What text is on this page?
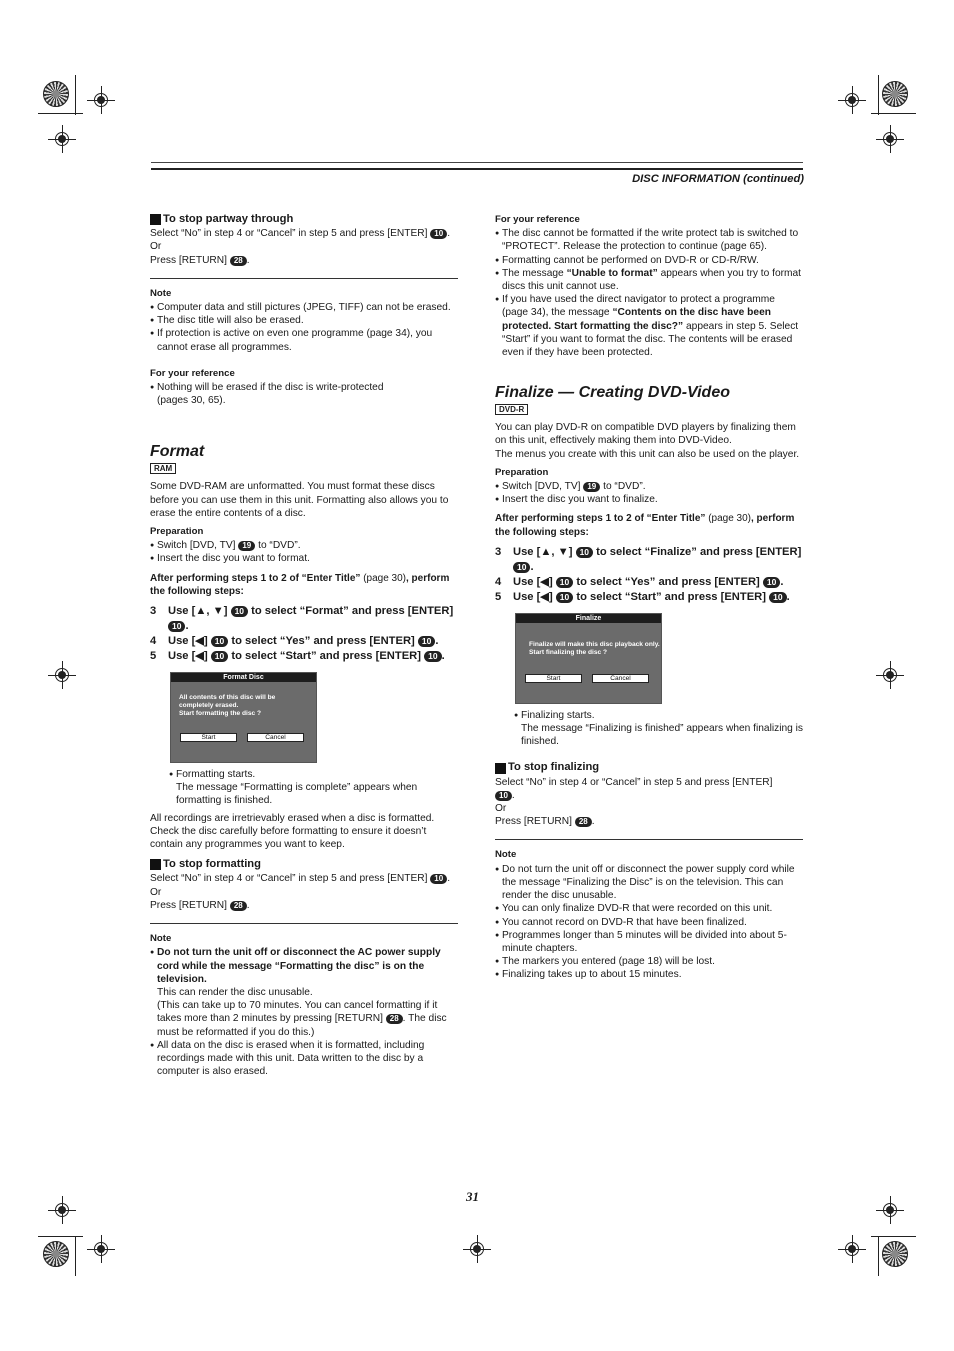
DISC INFORMATION (continued)
To stop partway through

Select “No” in step 4 or “Cancel” in step 5 and press [ENTER] 10 .

Or

Press [RETURN] 28 .

Note

● Computer data and still pictures (JPEG, TIFF) can not be erased.

● The disc title will also be erased.

● If protection is active on even one programme (page 34), you cannot erase all programmes.

For your reference

● Nothing will be erased if the disc is write-protected

(pages 30, 65).

Format
RAM

Some DVD-RAM are unformatted. You must format these discs before you can use them in this unit. Formatting also allows you to erase the entire contents of a disc.

Preparation

● Switch [DVD, TV] 19 to “DVD”.

● Insert the disc you want to format.

After performing steps 1 to 2 of “Enter Title” (page 30), perform the following steps:

3	Use [▲, ▼] 10 to select “Format” and press [ENTER] 10 .
4	Use [◀] 10 to select “Yes” and press [ENTER] 10 .
5	Use [◀] 10 to select “Start” and press [ENTER] 10 .
Format Disc
All contents of this disc will be
completely erased.
Start formatting the disc ?
Start	Cancel

● Formatting starts.

The message “Formatting is complete” appears when formatting is finished.

All recordings are irretrievably erased when a disc is formatted. Check the disc carefully before formatting to ensure it doesn’t contain any programmes you want to keep.

To stop formatting

Select “No” in step 4 or “Cancel” in step 5 and press [ENTER] 10 .

Or

Press [RETURN] 28 .

Note

● Do not turn the unit off or disconnect the AC power supply cord while the message “Formatting the disc” is on the television.

This can render the disc unusable.

(This can take up to 70 minutes. You can cancel formatting if it takes more than 2 minutes by pressing [RETURN] 28 . The disc must be reformatted if you do this.)

● All data on the disc is erased when it is formatted, including recordings made with this unit. Data written to the disc by a computer is also erased.

For your reference

● The disc cannot be formatted if the write protect tab is switched to “PROTECT”. Release the protection to continue (page 65).

● Formatting cannot be performed on DVD-R or CD-R/RW.

● The message “Unable to format” appears when you try to format discs this unit cannot use.

● If you have used the direct navigator to protect a programme (page 34), the message “Contents on the disc have been protected. Start formatting the disc?” appears in step 5. Select “Start” if you want to format the disc. The contents will be erased even if they have been protected.

Finalize — Creating DVD-Video
DVD-R

You can play DVD-R on compatible DVD players by finalizing them on this unit, effectively making them into DVD-Video.

The menus you create with this unit can also be used on the player.

Preparation

● Switch [DVD, TV] 19 to “DVD”.

● Insert the disc you want to finalize.

After performing steps 1 to 2 of “Enter Title” (page 30), perform the following steps:

3	Use [▲, ▼] 10 to select “Finalize” and press [ENTER] 10 .
4	Use [◀] 10 to select “Yes” and press [ENTER] 10 .
5	Use [◀] 10 to select “Start” and press [ENTER] 10 .
Finalize
Finalize will make this disc playback only.
Start finalizing the disc ?
Start	Cancel

● Finalizing starts.

The message “Finalizing is finished” appears when finalizing is finished.

To stop finalizing

Select “No” in step 4 or “Cancel” in step 5 and press [ENTER]

10 .

Or

Press [RETURN] 28 .

Note

● Do not turn the unit off or disconnect the power supply cord while the message “Finalizing the Disc” is on the television. This can render the disc unusable.

● You can only finalize DVD-R that were recorded on this unit.

● You cannot record on DVD-R that have been finalized.

● Programmes longer than 5 minutes will be divided into about 5-minute chapters.

● The markers you entered (page 18) will be lost.

● Finalizing takes up to about 15 minutes.

31
